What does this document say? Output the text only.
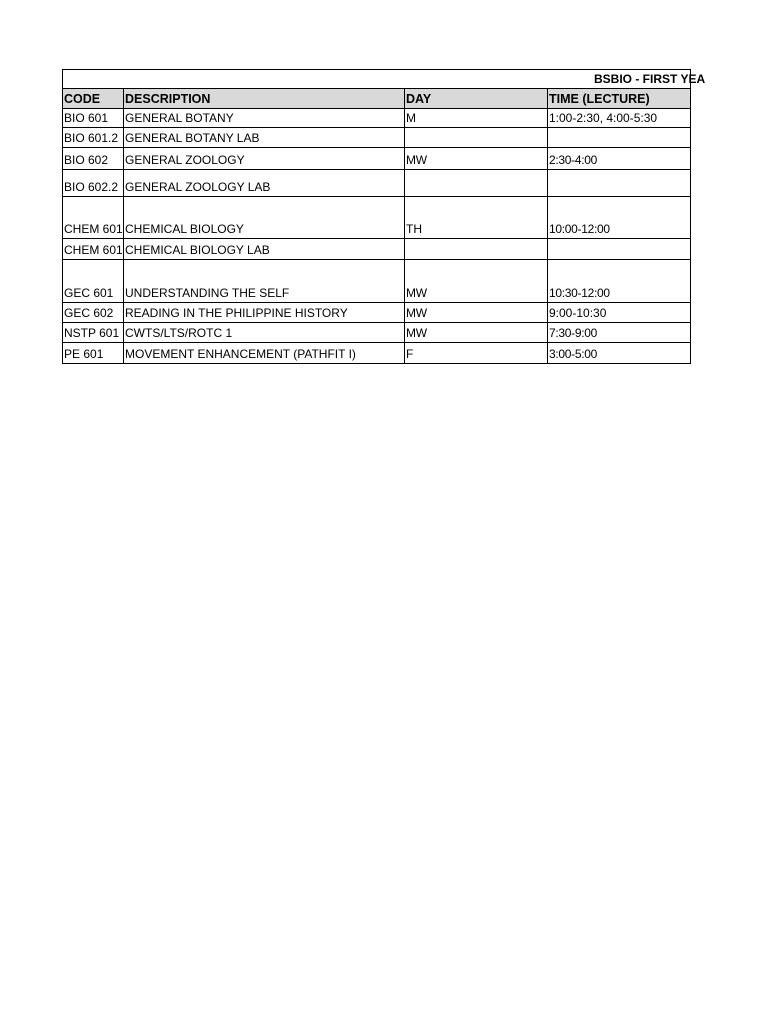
BSBIO - FIRST YEA			
CODE	DESCRIPTION	DAY	TIME (LECTURE)
BIO 601	GENERAL BOTANY	M	1:00-2:30, 4:00-5:30
BIO 601.2	GENERAL BOTANY LAB		
BIO 602	GENERAL ZOOLOGY	MW	2:30-4:00
BIO 602.2	GENERAL ZOOLOGY LAB		
CHEM 601	CHEMICAL BIOLOGY	TH	10:00-12:00
CHEM 601	CHEMICAL BIOLOGY LAB		
GEC 601	UNDERSTANDING THE SELF	MW	10:30-12:00
GEC 602	READING IN THE PHILIPPINE HISTORY	MW	9:00-10:30
NSTP 601	CWTS/LTS/ROTC 1	MW	7:30-9:00
PE 601	MOVEMENT ENHANCEMENT (PATHFIT I)	F	3:00-5:00
